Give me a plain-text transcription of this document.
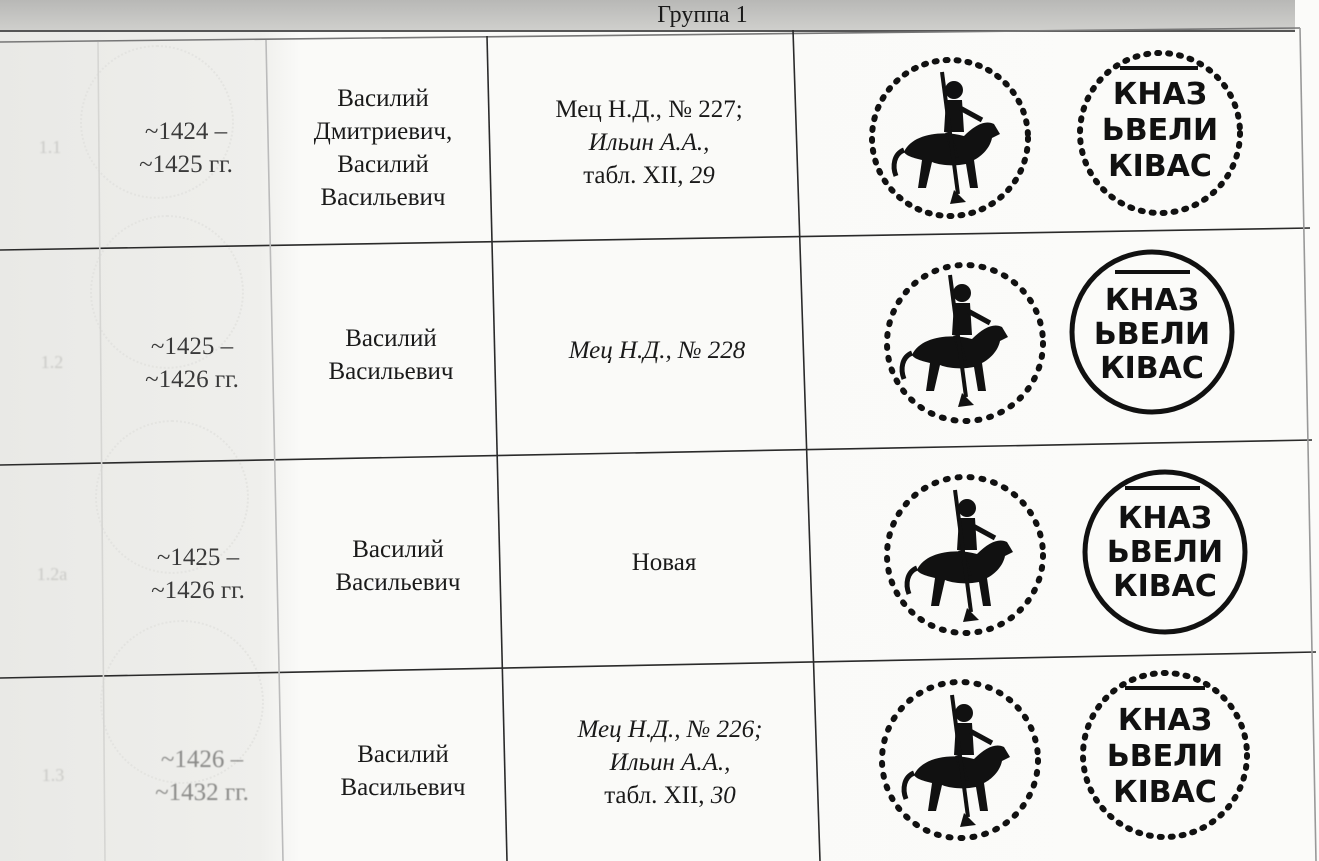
Группа 1
1.1
~1424 –
~1425 гг.
Василий
Дмитриевич,
Василий
Васильевич
Мец Н.Д., № 227;
Ильин А.А.,
табл. XII, 29
1.2
~1425 –
~1426 гг.
Василий
Васильевич
Мец Н.Д., № 228
1.2а
~1425 –
~1426 гг.
Василий
Васильевич
Новая
1.3
~1426 –
~1432 гг.
Василий
Васильевич
Мец Н.Д., № 226;
Ильин А.А.,
табл. XII, 30
КНАЗ
ЬВЕЛИ
КIВАС
КНАЗ
ЬВЕЛИ
КIВАС
КНАЗ
ЬВЕЛИ
КIВАС
КНАЗ
ЬВЕЛИ
КIВАС
